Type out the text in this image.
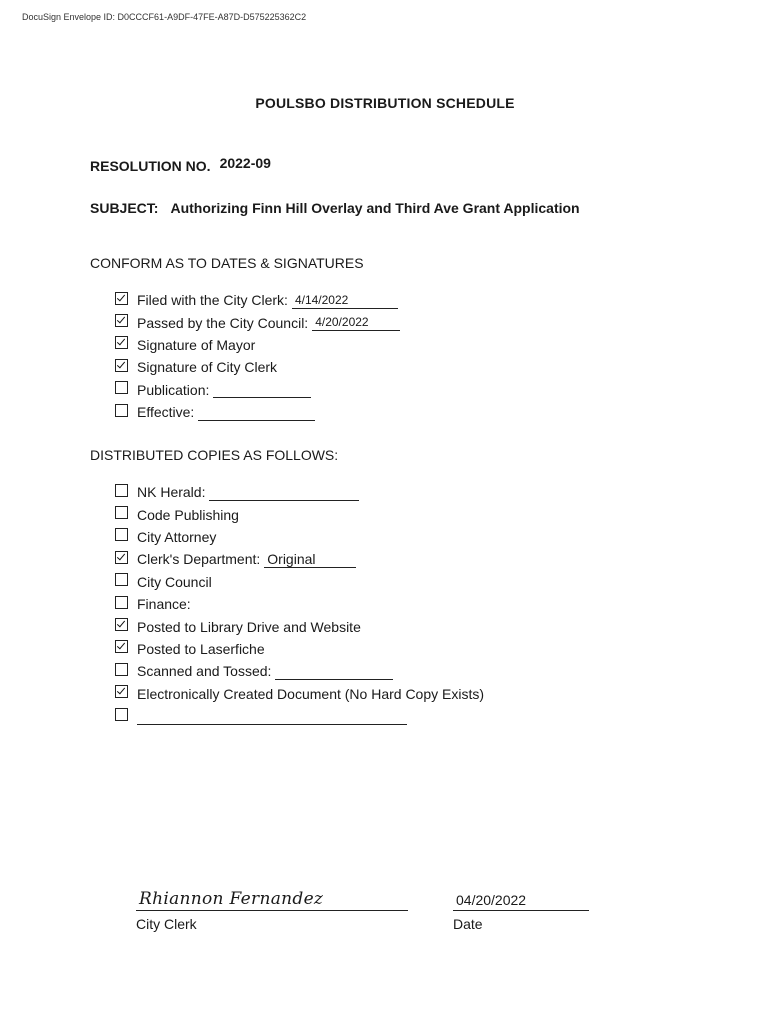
DocuSign Envelope ID: D0CCCF61-A9DF-47FE-A87D-D575225362C2
POULSBO DISTRIBUTION SCHEDULE
RESOLUTION NO. 2022-09
SUBJECT: Authorizing Finn Hill Overlay and Third Ave Grant Application
CONFORM AS TO DATES & SIGNATURES
Filed with the City Clerk: 4/14/2022
Passed by the City Council: 4/20/2022
Signature of Mayor
Signature of City Clerk
Publication:
Effective:
DISTRIBUTED COPIES AS FOLLOWS:
NK Herald:
Code Publishing
City Attorney
Clerk's Department: Original
City Council
Finance:
Posted to Library Drive and Website
Posted to Laserfiche
Scanned and Tossed:
Electronically Created Document (No Hard Copy Exists)
Rhiannon Fernandez
City Clerk
04/20/2022
Date
